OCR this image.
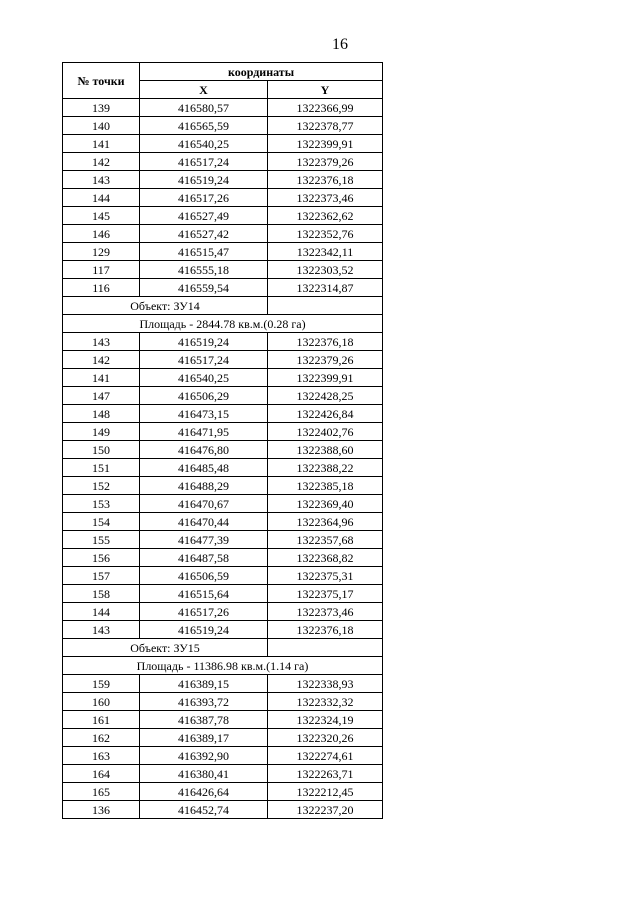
16
№ точки	координаты	
	X	Y
139	416580,57	1322366,99
140	416565,59	1322378,77
141	416540,25	1322399,91
142	416517,24	1322379,26
143	416519,24	1322376,18
144	416517,26	1322373,46
145	416527,49	1322362,62
146	416527,42	1322352,76
129	416515,47	1322342,11
117	416555,18	1322303,52
116	416559,54	1322314,87
Объект: ЗУ14		
Площадь - 2844.78 кв.м.(0.28 га)		
143	416519,24	1322376,18
142	416517,24	1322379,26
141	416540,25	1322399,91
147	416506,29	1322428,25
148	416473,15	1322426,84
149	416471,95	1322402,76
150	416476,80	1322388,60
151	416485,48	1322388,22
152	416488,29	1322385,18
153	416470,67	1322369,40
154	416470,44	1322364,96
155	416477,39	1322357,68
156	416487,58	1322368,82
157	416506,59	1322375,31
158	416515,64	1322375,17
144	416517,26	1322373,46
143	416519,24	1322376,18
Объект: ЗУ15		
Площадь - 11386.98 кв.м.(1.14 га)		
159	416389,15	1322338,93
160	416393,72	1322332,32
161	416387,78	1322324,19
162	416389,17	1322320,26
163	416392,90	1322274,61
164	416380,41	1322263,71
165	416426,64	1322212,45
136	416452,74	1322237,20
